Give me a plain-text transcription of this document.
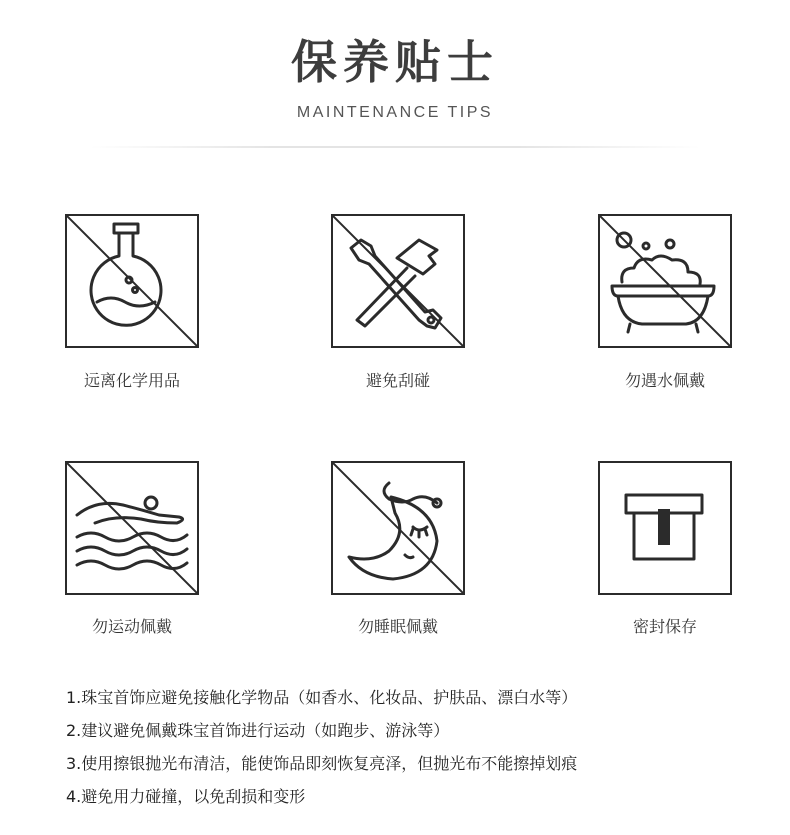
保养贴士
MAINTENANCE TIPS
远离化学用品	避免刮碰	勿遇水佩戴
勿运动佩戴	勿睡眠佩戴	密封保存
1.珠宝首饰应避免接触化学物品（如香水、化妆品、护肤品、漂白水等）
2.建议避免佩戴珠宝首饰进行运动（如跑步、游泳等）
3.使用擦银抛光布清洁，能使饰品即刻恢复亮泽，但抛光布不能擦掉划痕
4.避免用力碰撞，以免刮损和变形
